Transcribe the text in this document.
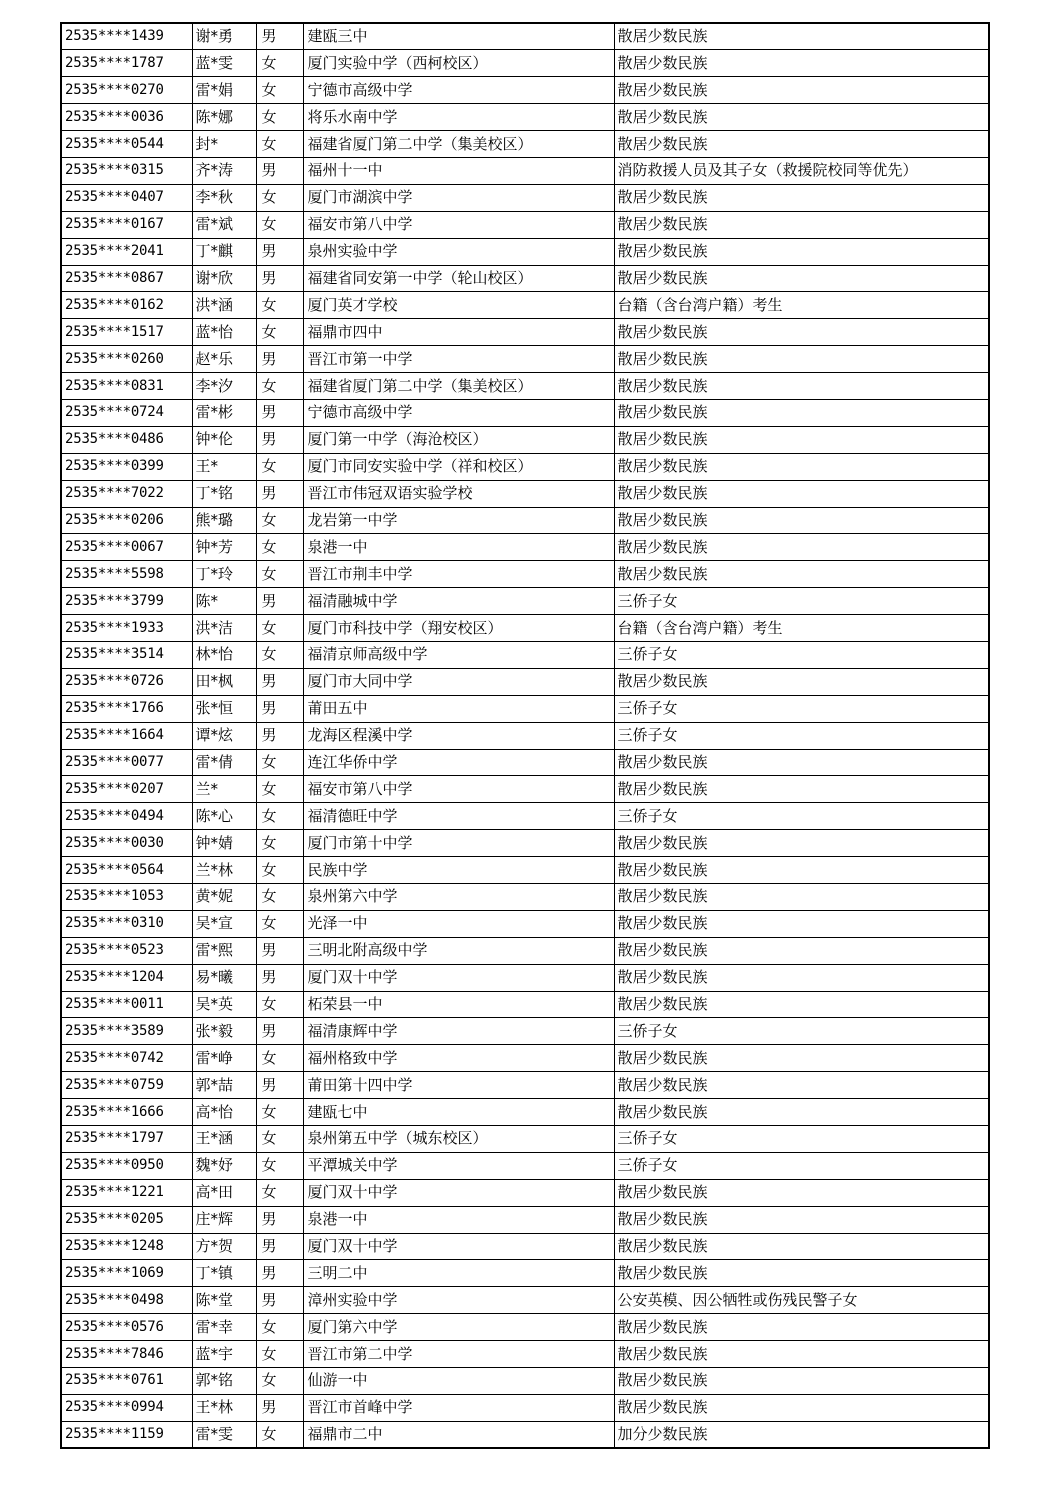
2535****1439	谢*勇	男	建瓯三中	散居少数民族
2535****1787	蓝*雯	女	厦门实验中学（西柯校区）	散居少数民族
2535****0270	雷*娟	女	宁德市高级中学	散居少数民族
2535****0036	陈*娜	女	将乐水南中学	散居少数民族
2535****0544	封*	女	福建省厦门第二中学（集美校区）	散居少数民族
2535****0315	齐*涛	男	福州十一中	消防救援人员及其子女（救援院校同等优先）
2535****0407	李*秋	女	厦门市湖滨中学	散居少数民族
2535****0167	雷*斌	女	福安市第八中学	散居少数民族
2535****2041	丁*麒	男	泉州实验中学	散居少数民族
2535****0867	谢*欣	男	福建省同安第一中学（轮山校区）	散居少数民族
2535****0162	洪*涵	女	厦门英才学校	台籍（含台湾户籍）考生
2535****1517	蓝*怡	女	福鼎市四中	散居少数民族
2535****0260	赵*乐	男	晋江市第一中学	散居少数民族
2535****0831	李*汐	女	福建省厦门第二中学（集美校区）	散居少数民族
2535****0724	雷*彬	男	宁德市高级中学	散居少数民族
2535****0486	钟*伦	男	厦门第一中学（海沧校区）	散居少数民族
2535****0399	王*	女	厦门市同安实验中学（祥和校区）	散居少数民族
2535****7022	丁*铭	男	晋江市伟冠双语实验学校	散居少数民族
2535****0206	熊*璐	女	龙岩第一中学	散居少数民族
2535****0067	钟*芳	女	泉港一中	散居少数民族
2535****5598	丁*玲	女	晋江市荆丰中学	散居少数民族
2535****3799	陈*	男	福清融城中学	三侨子女
2535****1933	洪*洁	女	厦门市科技中学（翔安校区）	台籍（含台湾户籍）考生
2535****3514	林*怡	女	福清京师高级中学	三侨子女
2535****0726	田*枫	男	厦门市大同中学	散居少数民族
2535****1766	张*恒	男	莆田五中	三侨子女
2535****1664	谭*炫	男	龙海区程溪中学	三侨子女
2535****0077	雷*倩	女	连江华侨中学	散居少数民族
2535****0207	兰*	女	福安市第八中学	散居少数民族
2535****0494	陈*心	女	福清德旺中学	三侨子女
2535****0030	钟*婧	女	厦门市第十中学	散居少数民族
2535****0564	兰*林	女	民族中学	散居少数民族
2535****1053	黄*妮	女	泉州第六中学	散居少数民族
2535****0310	吴*宣	女	光泽一中	散居少数民族
2535****0523	雷*熙	男	三明北附高级中学	散居少数民族
2535****1204	易*曦	男	厦门双十中学	散居少数民族
2535****0011	吴*英	女	柘荣县一中	散居少数民族
2535****3589	张*毅	男	福清康辉中学	三侨子女
2535****0742	雷*峥	女	福州格致中学	散居少数民族
2535****0759	郭*喆	男	莆田第十四中学	散居少数民族
2535****1666	高*怡	女	建瓯七中	散居少数民族
2535****1797	王*涵	女	泉州第五中学（城东校区）	三侨子女
2535****0950	魏*妤	女	平潭城关中学	三侨子女
2535****1221	高*田	女	厦门双十中学	散居少数民族
2535****0205	庄*辉	男	泉港一中	散居少数民族
2535****1248	方*贺	男	厦门双十中学	散居少数民族
2535****1069	丁*镇	男	三明二中	散居少数民族
2535****0498	陈*堂	男	漳州实验中学	公安英模、因公牺牲或伤残民警子女
2535****0576	雷*幸	女	厦门第六中学	散居少数民族
2535****7846	蓝*宇	女	晋江市第二中学	散居少数民族
2535****0761	郭*铭	女	仙游一中	散居少数民族
2535****0994	王*林	男	晋江市首峰中学	散居少数民族
2535****1159	雷*雯	女	福鼎市二中	加分少数民族
